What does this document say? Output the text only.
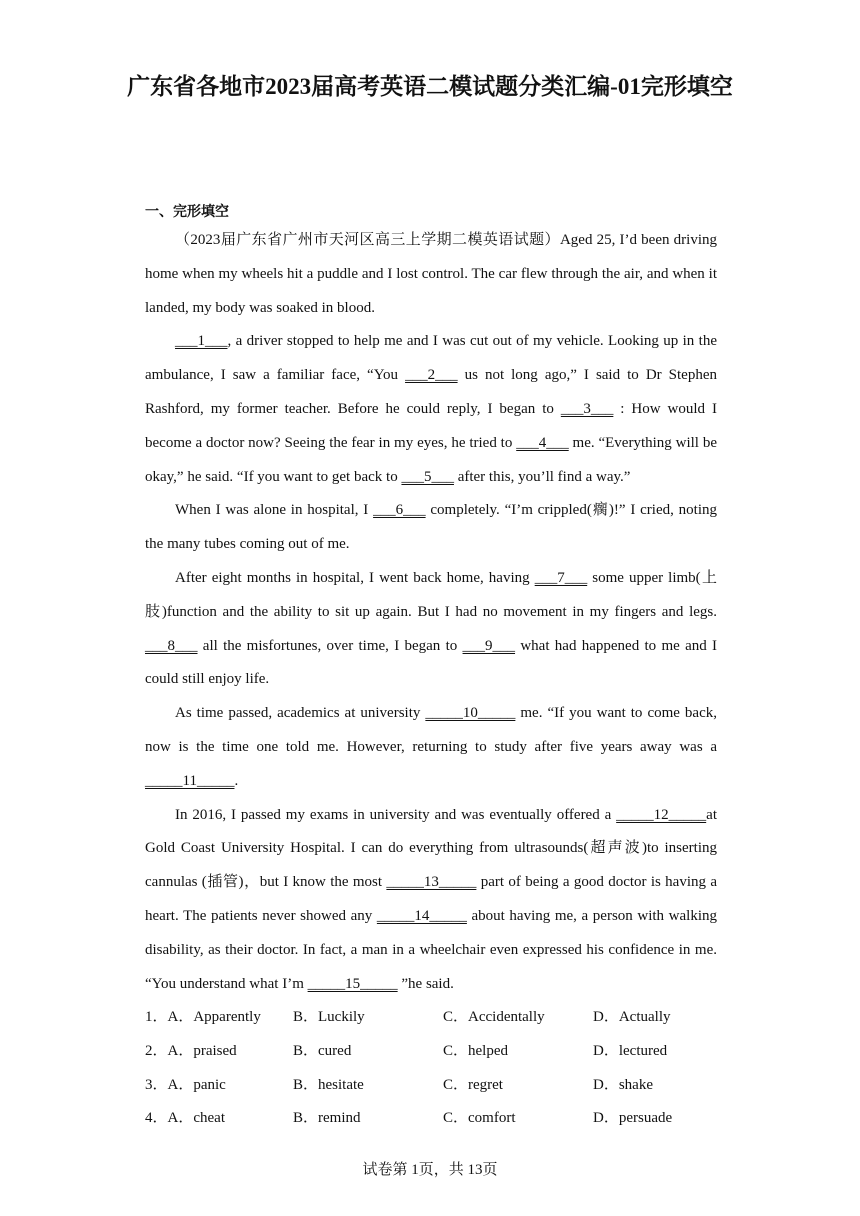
广东省各地市2023届高考英语二模试题分类汇编-01完形填空
一、完形填空

（2023届广东省广州市天河区高三上学期二模英语试题）Aged 25, I’d been driving home when my wheels hit a puddle and I lost control. The car flew through the air, and when it landed, my body was soaked in blood.

___1___, a driver stopped to help me and I was cut out of my vehicle. Looking up in the ambulance, I saw a familiar face, “You ___2___ us not long ago,” I said to Dr Stephen Rashford, my former teacher. Before he could reply, I began to ___3___ : How would I become a doctor now? Seeing the fear in my eyes, he tried to ___4___ me. “Everything will be okay,” he said. “If you want to get back to ___5___ after this, you’ll find a way.”

When I was alone in hospital, I ___6___ completely. “I’m crippled(瘸)!” I cried, noting the many tubes coming out of me.

After eight months in hospital, I went back home, having ___7___ some upper limb(上肢)function and the ability to sit up again. But I had no movement in my fingers and legs. ___8___ all the misfortunes, over time, I began to ___9___ what had happened to me and I could still enjoy life.

As time passed, academics at university _____10_____ me. “If you want to come back, now is the time one told me. However, returning to study after five years away was a _____11_____.

In 2016, I passed my exams in university and was eventually offered a _____12_____at Gold Coast University Hospital. I can do everything from ultrasounds(超声波)to inserting cannulas (插管)，but I know the most _____13_____ part of being a good doctor is having a heart. The patients never showed any _____14_____ about having me, a person with walking disability, as their doctor. In fact, a man in a wheelchair even expressed his confidence in me. “You understand what I’m _____15_____ ”he said.

1．A．Apparently B．Luckily	C．Accidentally	D．Actually
2．A．praised	B．cured	C．helped	D．lectured
3．A．panic	B．hesitate	C．regret	D．shake
4．A．cheat	B．remind	C．comfort	D．persuade
试卷第 1页，共 13页
